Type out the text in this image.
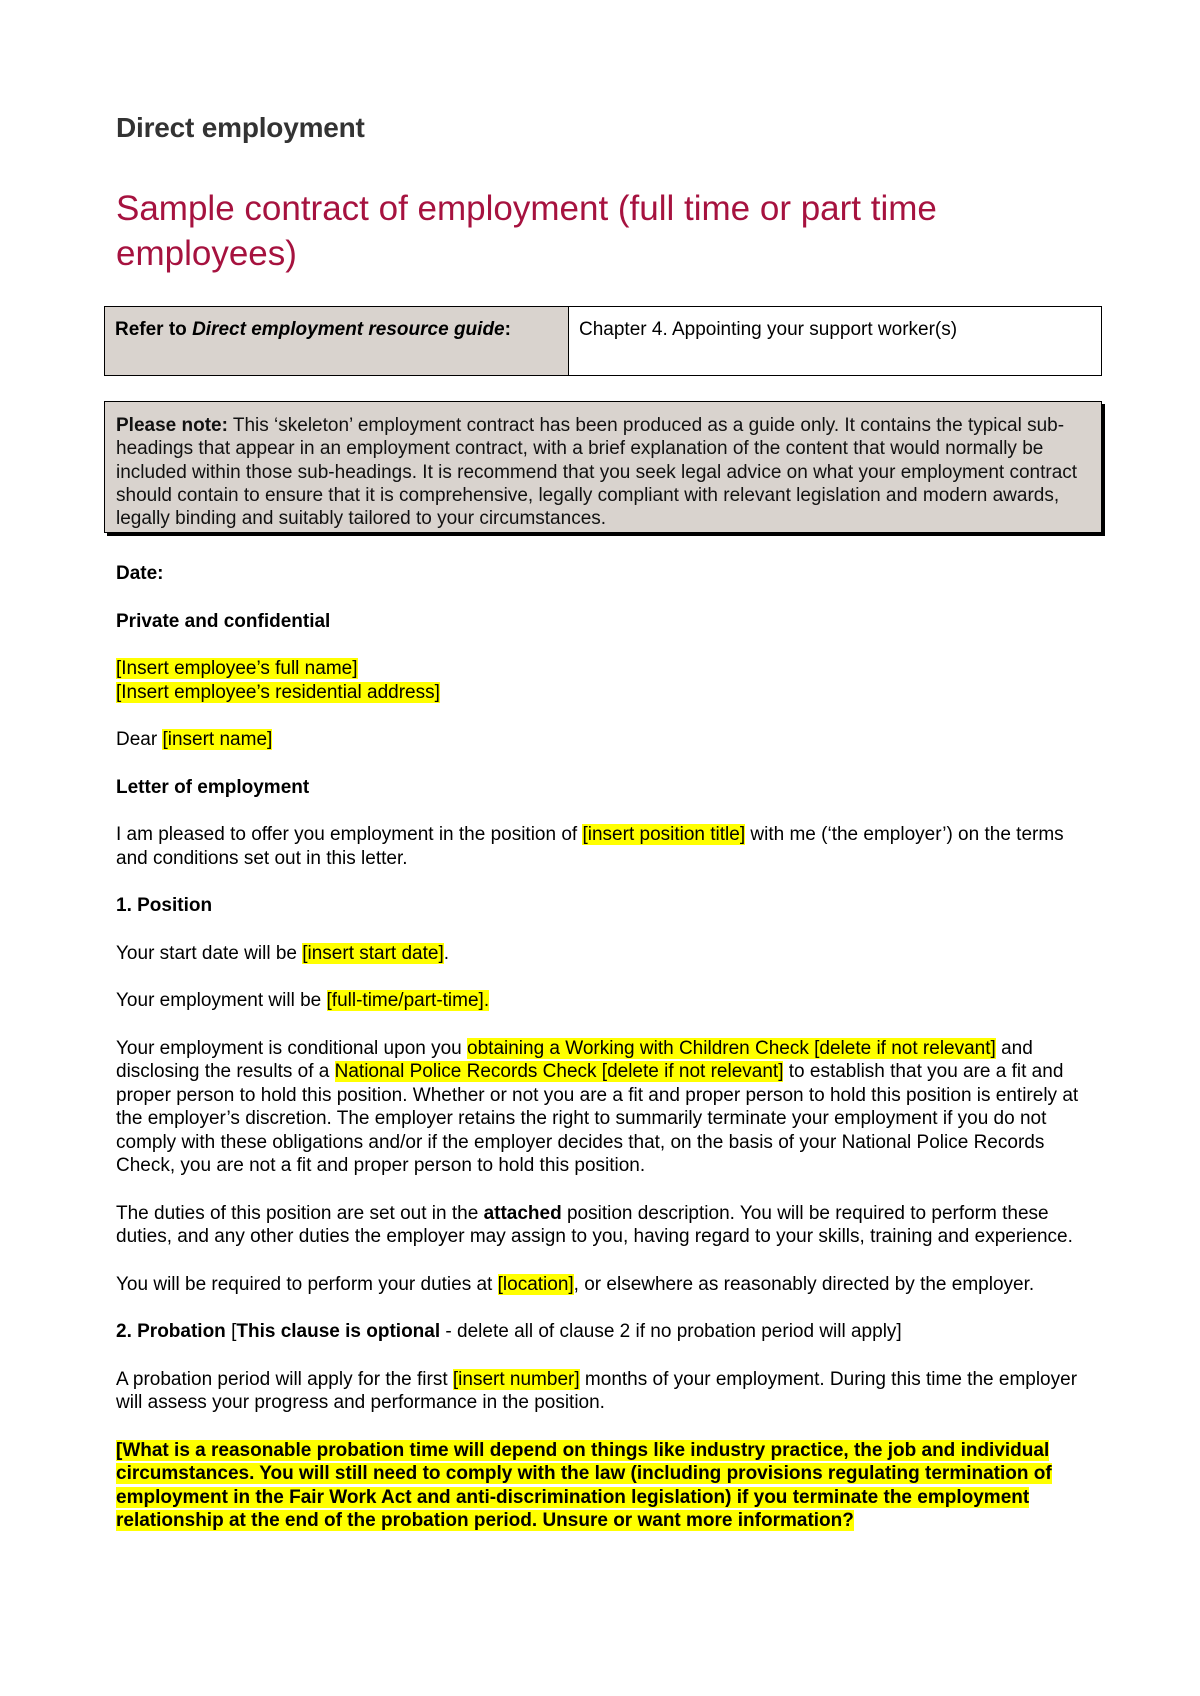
Direct employment
Sample contract of employment (full time or part time employees)
Refer to Direct employment resource guide:	Chapter 4. Appointing your support worker(s)
Please note: This ‘skeleton’ employment contract has been produced as a guide only. It contains the typical sub-headings that appear in an employment contract, with a brief explanation of the content that would normally be included within those sub-headings. It is recommend that you seek legal advice on what your employment contract should contain to ensure that it is comprehensive, legally compliant with relevant legislation and modern awards, legally binding and suitably tailored to your circumstances.

Date:

Private and confidential

[Insert employee’s full name]

[Insert employee’s residential address]

Dear [insert name]

Letter of employment

I am pleased to offer you employment in the position of [insert position title] with me (‘the employer’) on the terms and conditions set out in this letter.

1. Position

Your start date will be [insert start date].

Your employment will be [full-time/part-time].

Your employment is conditional upon you obtaining a Working with Children Check [delete if not relevant] and disclosing the results of a National Police Records Check [delete if not relevant] to establish that you are a fit and proper person to hold this position. Whether or not you are a fit and proper person to hold this position is entirely at the employer’s discretion. The employer retains the right to summarily terminate your employment if you do not comply with these obligations and/or if the employer decides that, on the basis of your National Police Records Check, you are not a fit and proper person to hold this position.

The duties of this position are set out in the attached position description. You will be required to perform these duties, and any other duties the employer may assign to you, having regard to your skills, training and experience.

You will be required to perform your duties at [location], or elsewhere as reasonably directed by the employer.

2. Probation [This clause is optional - delete all of clause 2 if no probation period will apply]

A probation period will apply for the first [insert number] months of your employment. During this time the employer will assess your progress and performance in the position.

[What is a reasonable probation time will depend on things like industry practice, the job and individual circumstances. You will still need to comply with the law (including provisions regulating termination of employment in the Fair Work Act and anti-discrimination legislation) if you terminate the employment relationship at the end of the probation period. Unsure or want more information?
